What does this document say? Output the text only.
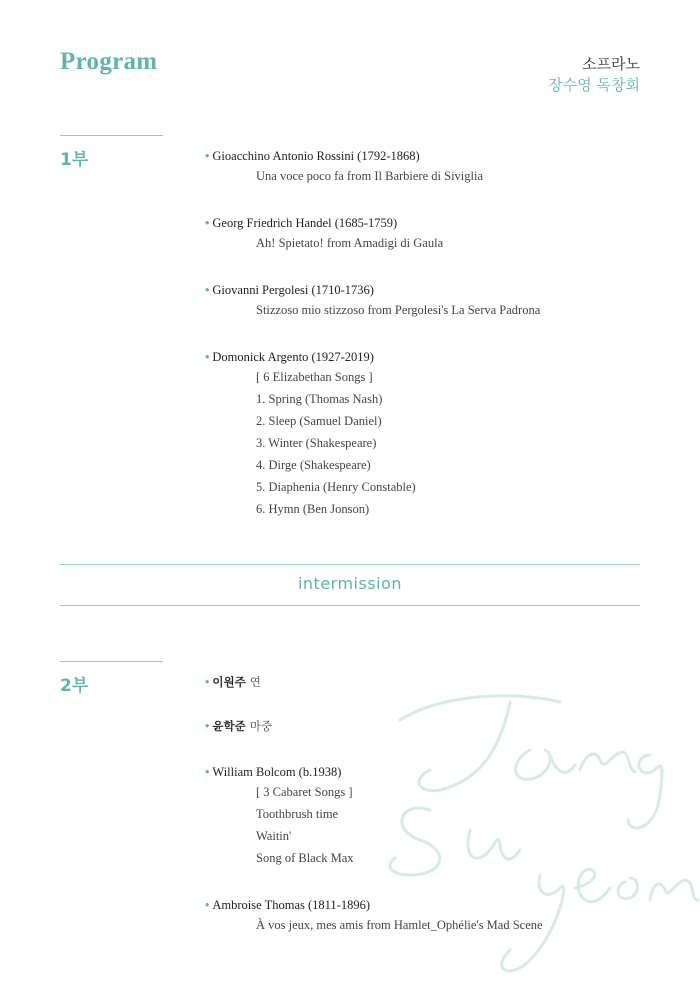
Program	소프라노
장수영 독창회
1부	• Gioacchino Antonio Rossini (1792-1868)
Una voce poco fa from Il Barbiere di Siviglia
• Georg Friedrich Handel (1685-1759)
Ah! Spietato! from Amadigi di Gaula
• Giovanni Pergolesi (1710-1736)
Stizzoso mio stizzoso from Pergolesi's La Serva Padrona
• Domonick Argento (1927-2019)
[ 6 Elizabethan Songs ]
1. Spring (Thomas Nash)
2. Sleep (Samuel Daniel)
3. Winter (Shakespeare)
4. Dirge (Shakespeare)
5. Diaphenia (Henry Constable)
6. Hymn (Ben Jonson)
intermission
2부	• 이원주 연
• 윤학준 마중
• William Bolcom (b.1938)
[ 3 Cabaret Songs ]
Toothbrush time
Waitin'
Song of Black Max
• Ambroise Thomas (1811-1896)
À vos jeux, mes amis from Hamlet_Ophélie's Mad Scene
